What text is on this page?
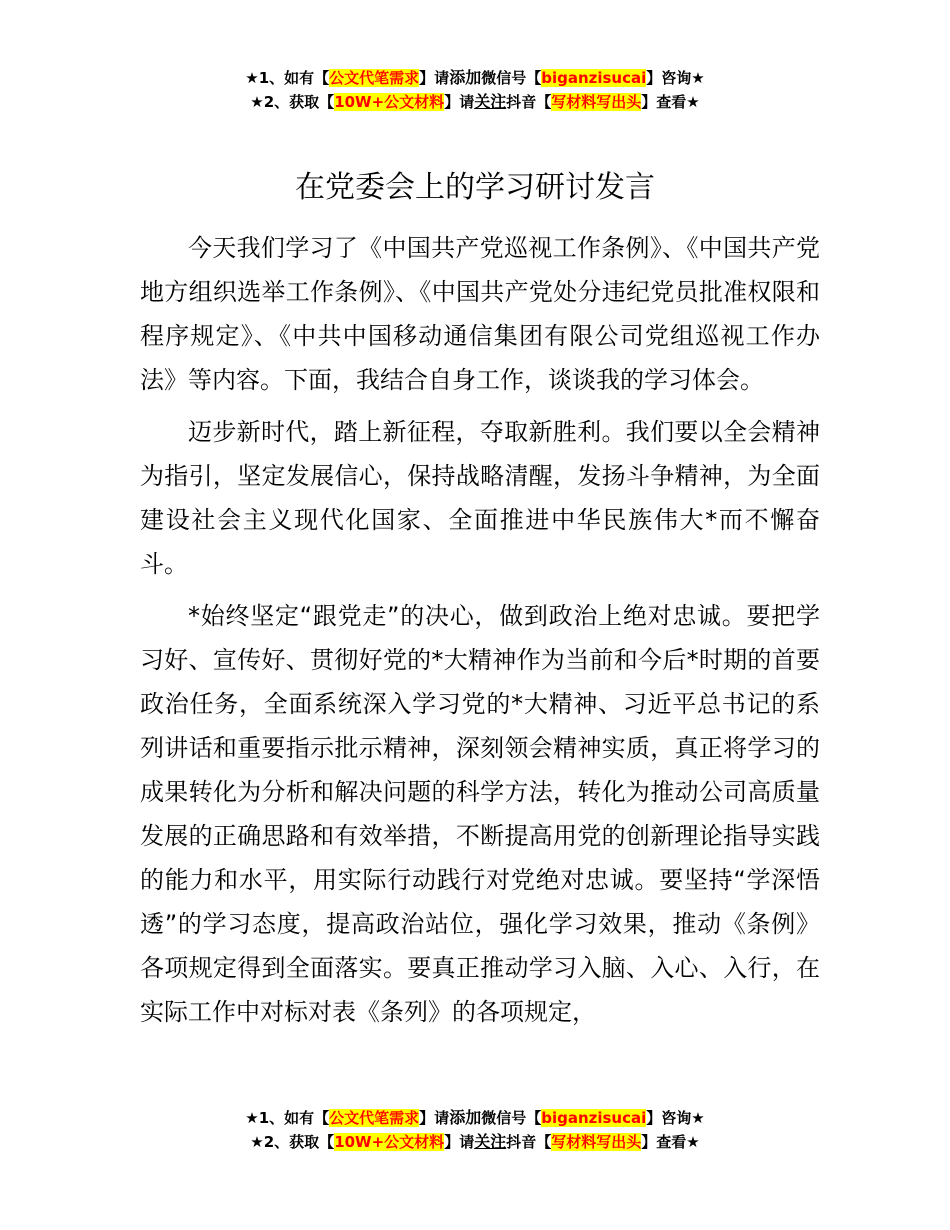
★1、如有【公文代笔需求】请添加微信号【biganzisucai】咨询★
★2、获取【10W+公文材料】请关注抖音【写材料写出头】查看★
在党委会上的学习研讨发言

今天我们学习了《中国共产党巡视工作条例》、《中国共产党地方组织选举工作条例》、《中国共产党处分违纪党员批准权限和程序规定》、《中共中国移动通信集团有限公司党组巡视工作办法》等内容。下面，我结合自身工作，谈谈我的学习体会。

迈步新时代，踏上新征程，夺取新胜利。我们要以全会精神为指引，坚定发展信心，保持战略清醒，发扬斗争精神，为全面建设社会主义现代化国家、全面推进中华民族伟大*而不懈奋斗。

*始终坚定“跟党走”的决心，做到政治上绝对忠诚。要把学习好、宣传好、贯彻好党的*大精神作为当前和今后*时期的首要政治任务，全面系统深入学习党的*大精神、习近平总书记的系列讲话和重要指示批示精神，深刻领会精神实质，真正将学习的成果转化为分析和解决问题的科学方法，转化为推动公司高质量发展的正确思路和有效举措，不断提高用党的创新理论指导实践的能力和水平，用实际行动践行对党绝对忠诚。要坚持“学深悟透”的学习态度，提高政治站位，强化学习效果，推动《条例》各项规定得到全面落实。要真正推动学习入脑、入心、入行，在实际工作中对标对表《条列》的各项规定，

★1、如有【公文代笔需求】请添加微信号【biganzisucai】咨询★
★2、获取【10W+公文材料】请关注抖音【写材料写出头】查看★
